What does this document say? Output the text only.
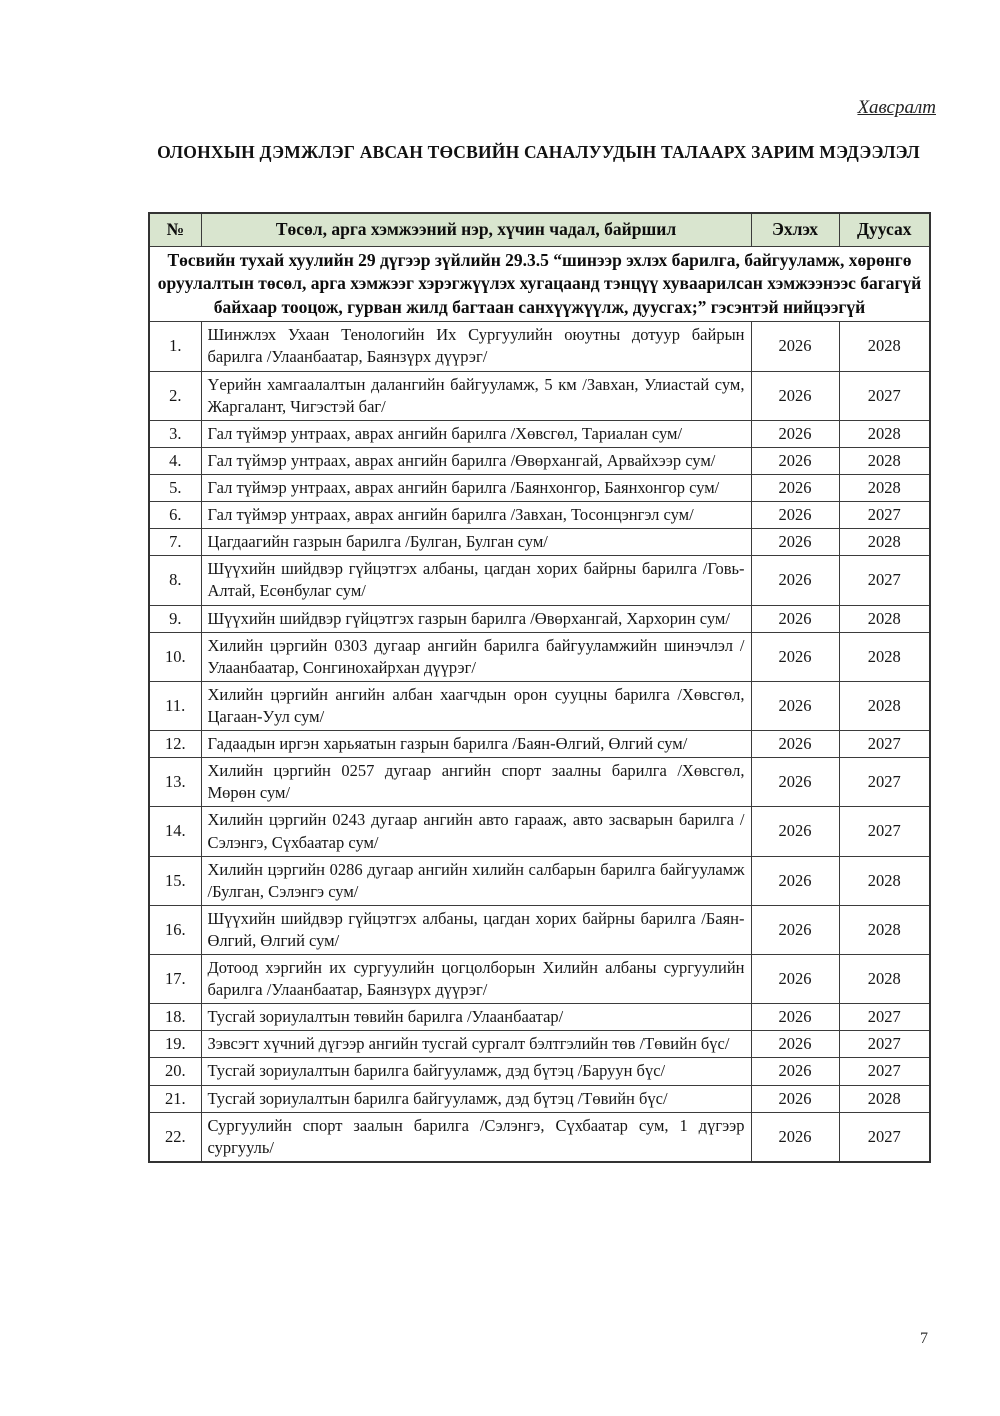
Хавсралт
ОЛОНХЫН ДЭМЖЛЭГ АВСАН ТӨСВИЙН САНАЛУУДЫН ТАЛААРХ ЗАРИМ МЭДЭЭЛЭЛ
№	Төсөл, арга хэмжээний нэр, хүчин чадал, байршил	Эхлэх	Дуусах
Төсвийн тухай хуулийн 29 дүгээр зүйлийн 29.3.5 “шинээр эхлэх барилга, байгууламж, хөрөнгө оруулалтын төсөл, арга хэмжээг хэрэгжүүлэх хугацаанд тэнцүү хуваарилсан хэмжээнээс багагүй байхаар тооцож, гурван жилд багтаан санхүүжүүлж, дуусгах;” гэсэнтэй нийцээгүй			
1.	Шинжлэх Ухаан Тенологийн Их Сургуулийн оюутны дотуур байрын барилга /Улаанбаатар, Баянзүрх дүүрэг/	2026	2028
2.	Үерийн хамгаалалтын далангийн байгууламж, 5 км /Завхан, Улиастай сум, Жаргалант, Чигэстэй баг/	2026	2027
3.	Гал түймэр унтраах, аврах ангийн барилга /Хөвсгөл, Тариалан сум/	2026	2028
4.	Гал түймэр унтраах, аврах ангийн барилга /Өвөрхангай, Арвайхээр сум/	2026	2028
5.	Гал түймэр унтраах, аврах ангийн барилга /Баянхонгор, Баянхонгор сум/	2026	2028
6.	Гал түймэр унтраах, аврах ангийн барилга /Завхан, Тосонцэнгэл сум/	2026	2027
7.	Цагдаагийн газрын барилга /Булган, Булган сум/	2026	2028
8.	Шүүхийн шийдвэр гүйцэтгэх албаны, цагдан хорих байрны барилга /Говь-Алтай, Есөнбулаг сум/	2026	2027
9.	Шүүхийн шийдвэр гүйцэтгэх газрын барилга /Өвөрхангай, Хархорин сум/	2026	2028
10.	Хилийн цэргийн 0303 дугаар ангийн барилга байгууламжийн шинэчлэл /Улаанбаатар, Сонгинохайрхан дүүрэг/	2026	2028
11.	Хилийн цэргийн ангийн албан хаагчдын орон сууцны барилга /Хөвсгөл, Цагаан-Уул сум/	2026	2028
12.	Гадаадын иргэн харьяатын газрын барилга /Баян-Өлгий, Өлгий сум/	2026	2027
13.	Хилийн цэргийн 0257 дугаар ангийн спорт заалны барилга /Хөвсгөл, Мөрөн сум/	2026	2027
14.	Хилийн цэргийн 0243 дугаар ангийн авто гарааж, авто засварын барилга /Сэлэнгэ, Сүхбаатар сум/	2026	2027
15.	Хилийн цэргийн 0286 дугаар ангийн хилийн салбарын барилга байгууламж /Булган, Сэлэнгэ сум/	2026	2028
16.	Шүүхийн шийдвэр гүйцэтгэх албаны, цагдан хорих байрны барилга /Баян-Өлгий, Өлгий сум/	2026	2028
17.	Дотоод хэргийн их сургуулийн цогцолборын Хилийн албаны сургуулийн барилга /Улаанбаатар, Баянзүрх дүүрэг/	2026	2028
18.	Тусгай зориулалтын төвийн барилга /Улаанбаатар/	2026	2027
19.	Зэвсэгт хүчний дүгээр ангийн тусгай сургалт бэлтгэлийн төв /Төвийн бүс/	2026	2027
20.	Тусгай зориулалтын барилга байгууламж, дэд бүтэц /Баруун бүс/	2026	2027
21.	Тусгай зориулалтын барилга байгууламж, дэд бүтэц /Төвийн бүс/	2026	2028
22.	Сургуулийн спорт заалын барилга /Сэлэнгэ, Сүхбаатар сум, 1 дүгээр сургууль/	2026	2027
7
